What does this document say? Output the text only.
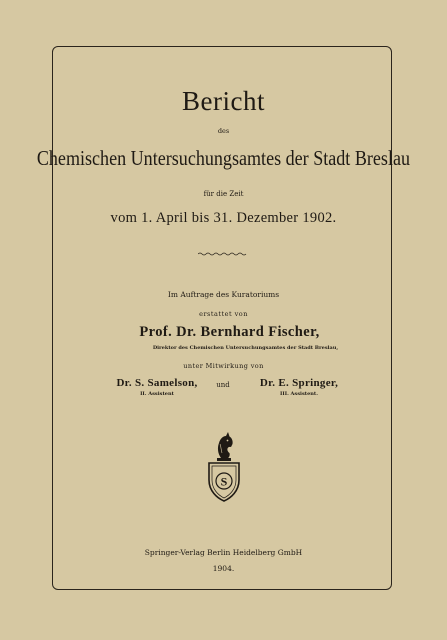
Bericht
des
Chemischen Untersuchungsamtes der Stadt Breslau
für die Zeit
vom 1. April bis 31. Dezember 1902.
Im Auftrage des Kuratoriums
erstattet von
Prof. Dr. Bernhard Fischer,
Direktor des Chemischen Untersuchungsamtes der Stadt Breslau,
unter Mitwirkung von
Dr. S. Samelson,
II. Assistent
und	Dr. E. Springer,
III. Assistent.
S
Springer-Verlag Berlin Heidelberg GmbH
1904.
